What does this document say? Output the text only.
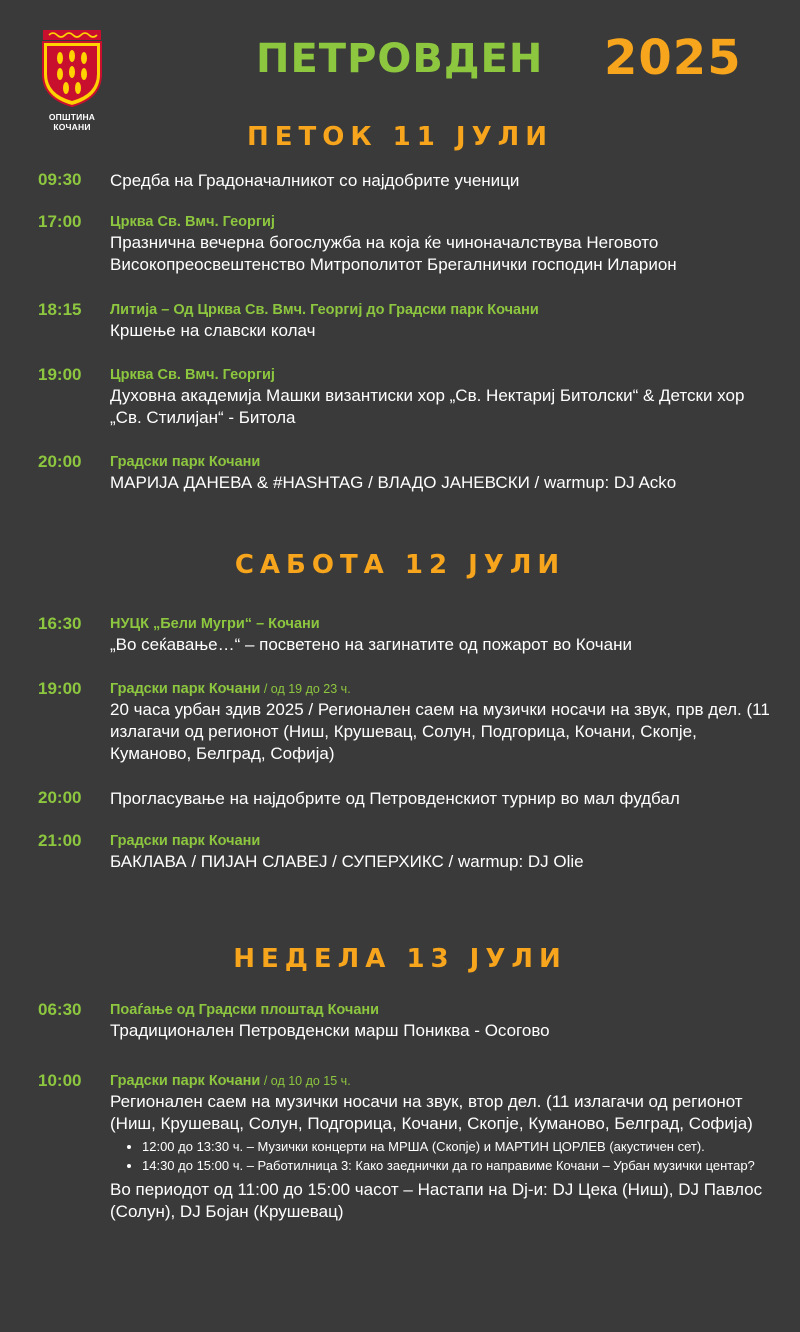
ОПШТИНА КОЧАНИ
ПЕТРОВДЕН 2025
ПЕТОК 11 ЈУЛИ
09:30 Средба на Градоначалникот со најдобрите ученици
17:00 Црква Св. Вмч. Георгиј
Празнична вечерна богослужба на која ќе чиноначалствува Неговото Високопреосвештенство Митрополитот Брегалнички господин Иларион
18:15 Литија – Од Црква Св. Вмч. Георгиј до Градски парк Кочани
Кршење на славски колач
19:00 Црква Св. Вмч. Георгиј
Духовна академија Машки византиски хор „Св. Нектариј Битолски“ & Детски хор „Св. Стилијан“ - Битола
20:00 Градски парк Кочани
МАРИЈА ДАНЕВА & #HASHTAG / ВЛАДО ЈАНЕВСКИ / warmup: DJ Acko
САБОТА 12 ЈУЛИ
16:30 НУЦК „Бели Мугри“ – Кочани
„Во сеќавање…“ – посветено на загинатите од пожарот во Кочани
19:00 Градски парк Кочани / од 19 до 23 ч.
20 часа урбан здив 2025 / Регионален саем на музички носачи на звук, прв дел. (11 излагачи од регионот (Ниш, Крушевац, Солун, Подгорица, Кочани, Скопје, Куманово, Белград, Софија)
20:00 Прогласување на најдобрите од Петровденскиот турнир во мал фудбал
21:00 Градски парк Кочани
БАКЛАВА / ПИЈАН СЛАВЕЈ / СУПЕРХИКС / warmup: DJ Olie
НЕДЕЛА 13 ЈУЛИ
06:30 Поаѓање од Градски плоштад Кочани
Традиционален Петровденски марш Пониква - Осогово
10:00 Градски парк Кочани / од 10 до 15 ч.
Регионален саем на музички носачи на звук, втор дел. (11 излагачи од регионот (Ниш, Крушевац, Солун, Подгорица, Кочани, Скопје, Куманово, Белград, Софија)
• 12:00 до 13:30 ч. – Музички концерти на МРША (Скопје) и МАРТИН ЦОРЛЕВ (акустичен сет).
• 14:30 до 15:00 ч. – Работилница 3: Како заеднички да го направиме Кочани – Урбан музички центар?
Во периодот од 11:00 до 15:00 часот – Настапи на Dj-и: DJ Цека (Ниш), DJ Павлос (Солун), DJ Бојан (Крушевац)
